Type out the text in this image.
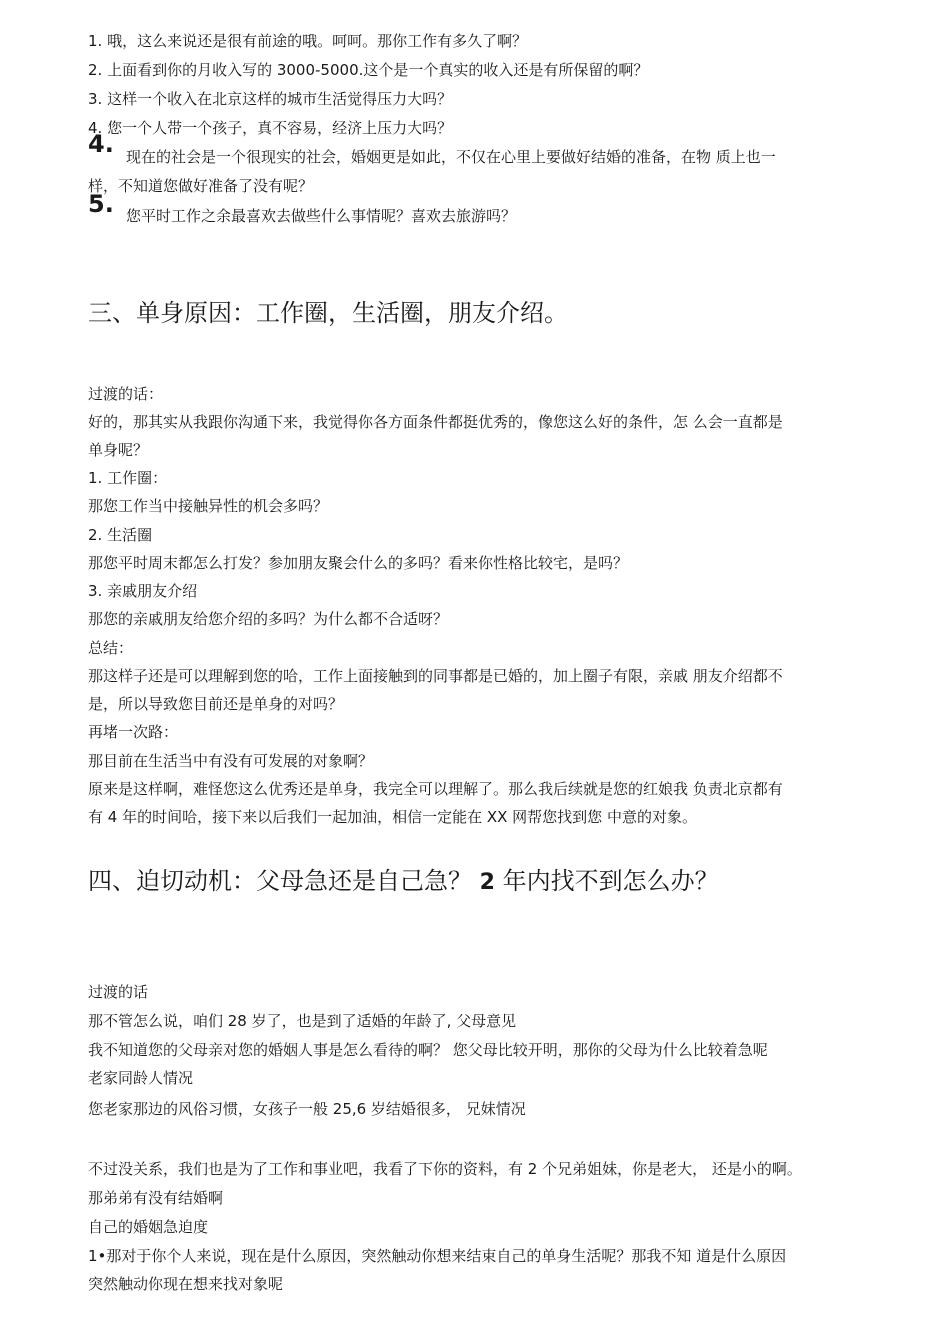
1. 哦，这么来说还是很有前途的哦。呵呵。那你工作有多久了啊？
2. 上面看到你的月收入写的 3000-5000.这个是一个真实的收入还是有所保留的啊？
3. 这样一个收入在北京这样的城市生活觉得压力大吗？
4. 您一个人带一个孩子，真不容易，经济上压力大吗？
4. 现在的社会是一个很现实的社会，婚姻更是如此，不仅在心里上要做好结婚的准备，在物 质上也一
样，不知道您做好准备了没有呢？
5. 您平时工作之余最喜欢去做些什么事情呢？喜欢去旅游吗？
三、单身原因：工作圈，生活圈，朋友介绍。
过渡的话：
好的，那其实从我跟你沟通下来，我觉得你各方面条件都挺优秀的，像您这么好的条件，怎 么会一直都是
单身呢？
1. 工作圈：
那您工作当中接触异性的机会多吗？
2. 生活圈
那您平时周末都怎么打发？参加朋友聚会什么的多吗？看来你性格比较宅，是吗？
3. 亲戚朋友介绍
那您的亲戚朋友给您介绍的多吗？为什么都不合适呀？
总结：
那这样子还是可以理解到您的哈，工作上面接触到的同事都是已婚的，加上圈子有限，亲戚 朋友介绍都不
是，所以导致您目前还是单身的对吗？
再堵一次路：
那目前在生活当中有没有可发展的对象啊？
原来是这样啊，难怪您这么优秀还是单身，我完全可以理解了。那么我后续就是您的红娘我 负责北京都有
有 4 年的时间哈，接下来以后我们一起加油，相信一定能在 XX 网帮您找到您 中意的对象。
四、迫切动机：父母急还是自己急？ 2 年内找不到怎么办？
过渡的话
那不管怎么说，咱们 28 岁了，也是到了适婚的年龄了, 父母意见
我不知道您的父母亲对您的婚姻人事是怎么看待的啊？ 您父母比较开明，那你的父母为什么比较着急呢
老家同龄人情况
您老家那边的风俗习惯，女孩子一般 25,6 岁结婚很多， 兄妹情况
不过没关系，我们也是为了工作和事业吧，我看了下你的资料，有 2 个兄弟姐妹，你是老大， 还是小的啊。
那弟弟有没有结婚啊
自己的婚姻急迫度
1•那对于你个人来说，现在是什么原因，突然触动你想来结束自己的单身生活呢？那我不知 道是什么原因
突然触动你现在想来找对象呢
